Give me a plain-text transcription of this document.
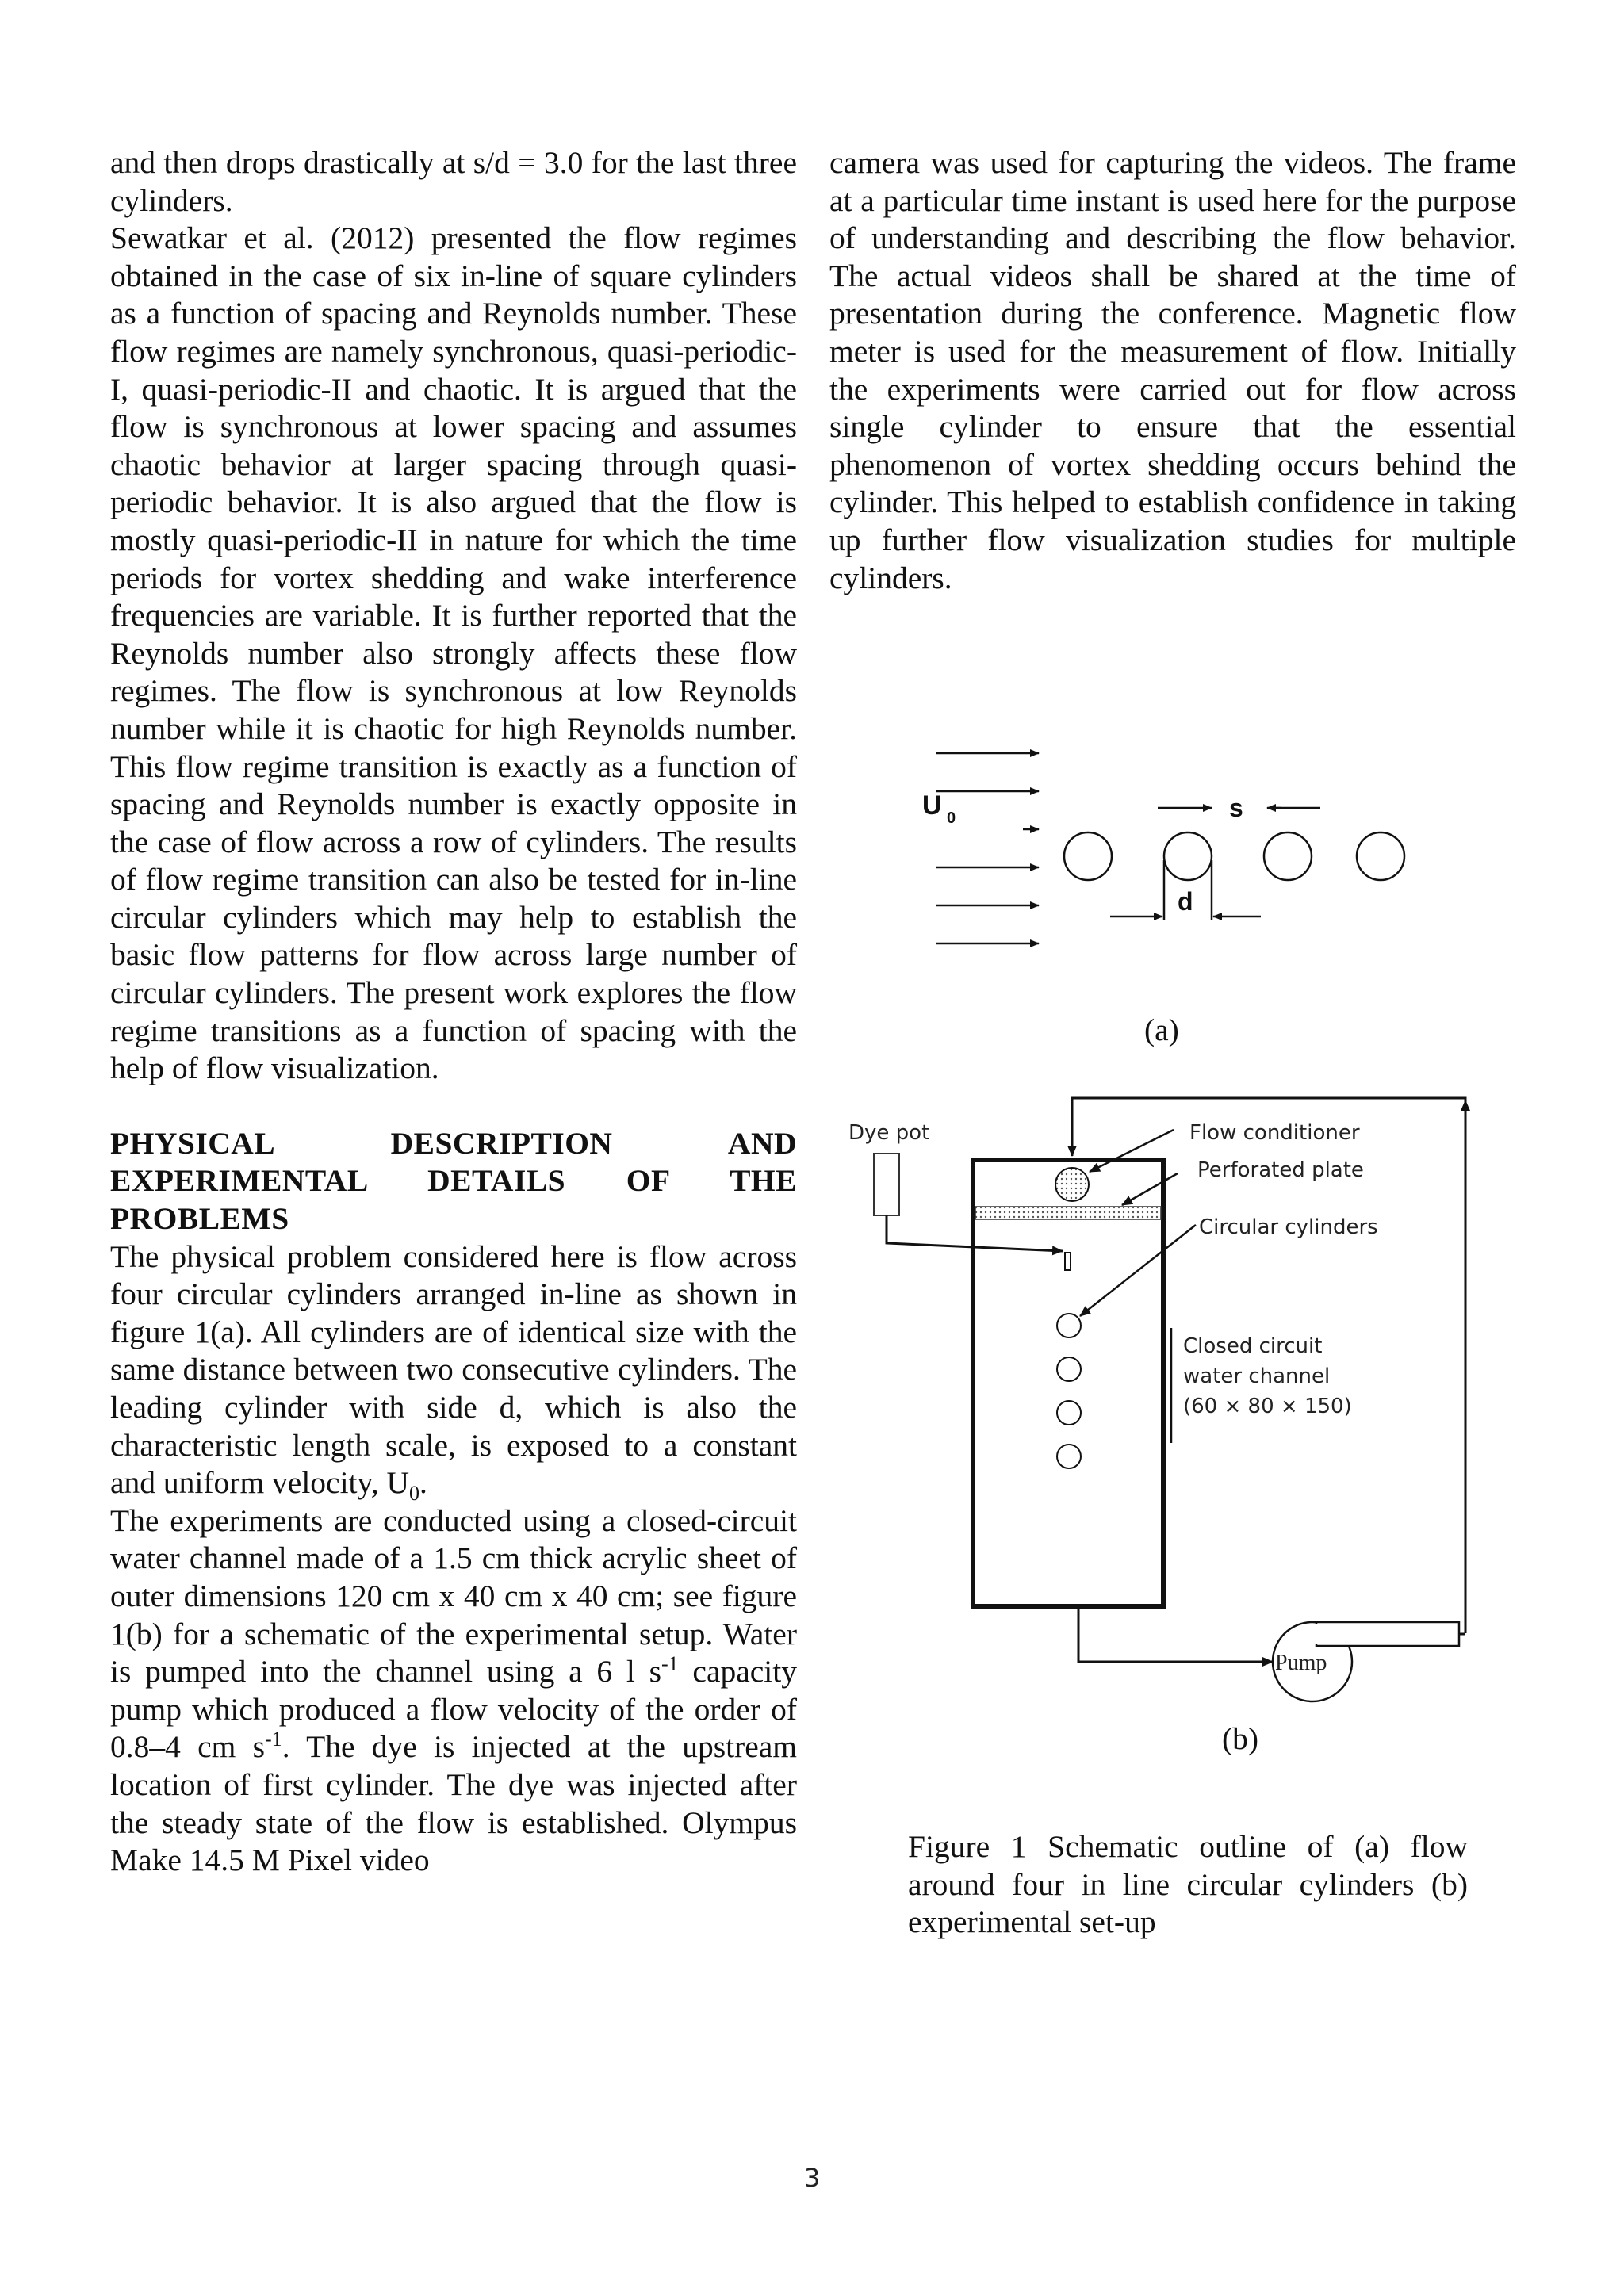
and then drops drastically at s/d = 3.0 for the last three cylinders.

Sewatkar et al. (2012) presented the flow regimes obtained in the case of six in-line of square cylinders as a function of spacing and Reynolds number. These flow regimes are namely synchronous, quasi-periodic-I, quasi-periodic-II and chaotic. It is argued that the flow is synchronous at lower spacing and assumes chaotic behavior at larger spacing through quasi-periodic behavior. It is also argued that the flow is mostly quasi-periodic-II in nature for which the time periods for vortex shedding and wake interference frequencies are variable. It is further reported that the Reynolds number also strongly affects these flow regimes. The flow is synchronous at low Reynolds number while it is chaotic for high Reynolds number. This flow regime transition is exactly as a function of spacing and Reynolds number is exactly opposite in the case of flow across a row of cylinders. The results of flow regime transition can also be tested for in-line circular cylinders which may help to establish the basic flow patterns for flow across large number of circular cylinders. The present work explores the flow regime transitions as a function of spacing with the help of flow visualization.

PHYSICAL DESCRIPTION AND
EXPERIMENTAL DETAILS OF THE
PROBLEMS

The physical problem considered here is flow across four circular cylinders arranged in-line as shown in figure 1(a). All cylinders are of identical size with the same distance between two consecutive cylinders. The leading cylinder with side d, which is also the characteristic length scale, is exposed to a constant and uniform velocity, $U_0$.

The experiments are conducted using a closed-circuit water channel made of a 1.5 cm thick acrylic sheet of outer dimensions 120 cm x 40 cm x 40 cm; see figure 1(b) for a schematic of the experimental setup. Water is pumped into the channel using a 6 l $s^{-1}$ capacity pump which produced a flow velocity of the order of 0.8–4 cm $s^{-1}$. The dye is injected at the upstream location of first cylinder. The dye was injected after the steady state of the flow is established. Olympus Make 14.5 M Pixel video

camera was used for capturing the videos. The frame at a particular time instant is used here for the purpose of understanding and describing the flow behavior. The actual videos shall be shared at the time of presentation during the conference. Magnetic flow meter is used for the measurement of flow. Initially the experiments were carried out for flow across single cylinder to ensure that the essential phenomenon of vortex shedding occurs behind the cylinder. This helped to establish confidence in taking up further flow visualization studies for multiple cylinders.

U 0	s
d
(a)
Dye pot	Flow conditioner
Perforated plate
Circular cylinders
Closed circuit
water channel
(60 × 80 × 150)
Pump
(b)

Figure 1 Schematic outline of (a) flow around four in line circular cylinders (b) experimental set-up

3
